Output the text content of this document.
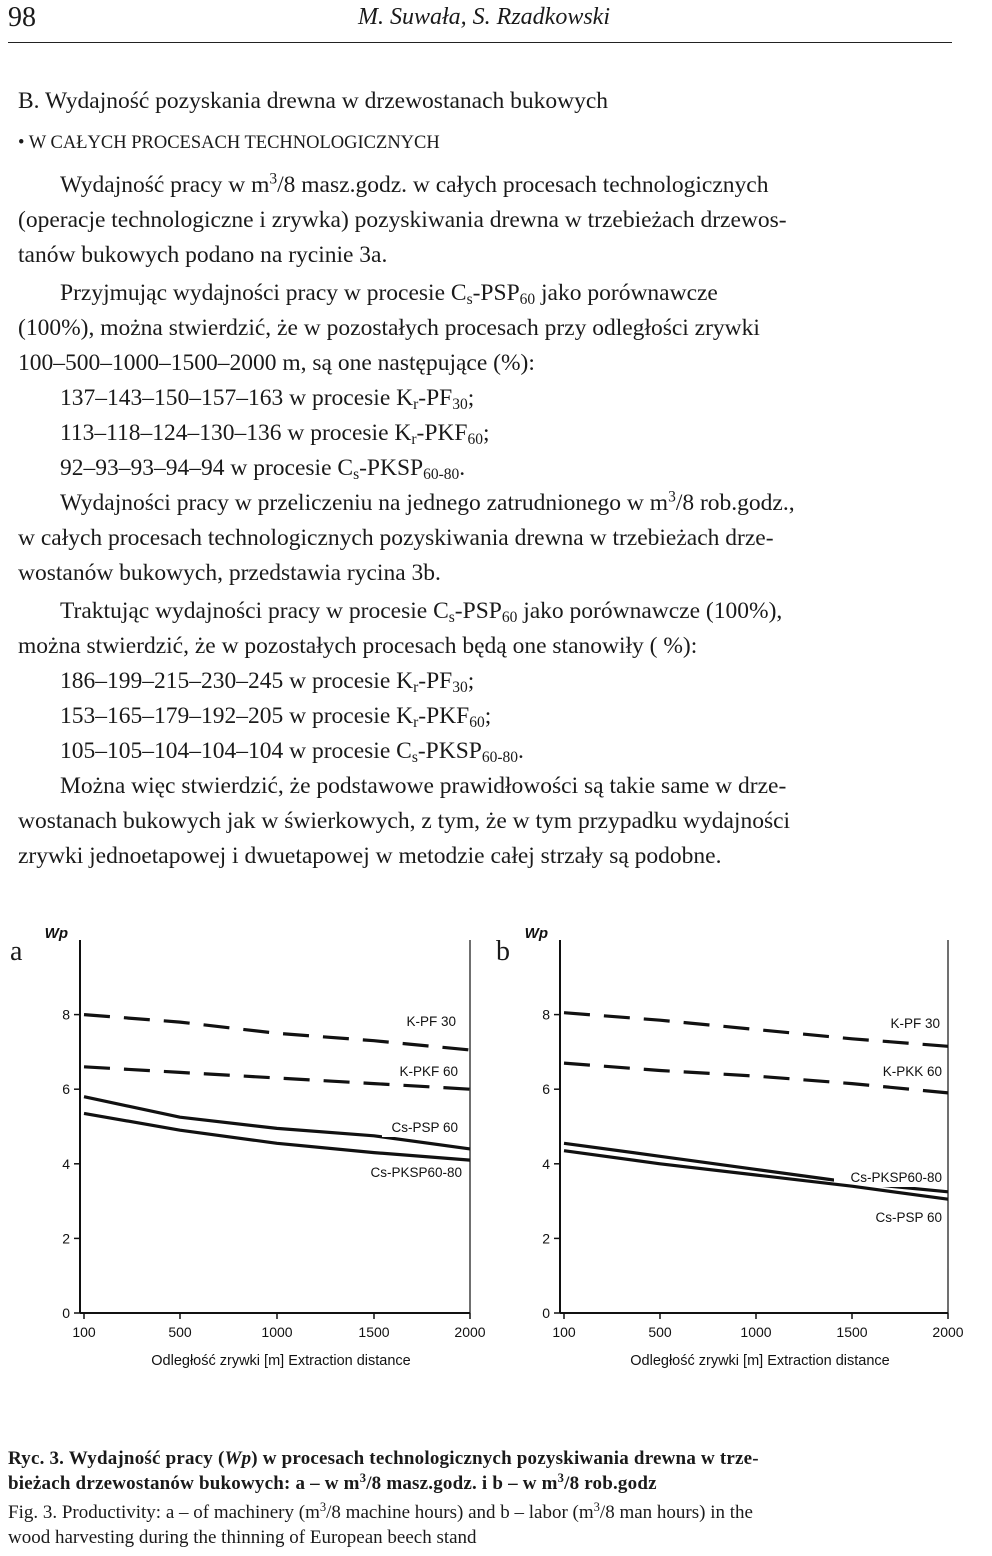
98	M. Suwała, S. Rzadkowski
B. Wydajność pozyskania drewna w drzewostanach bukowych
• W CAŁYCH PROCESACH TECHNOLOGICZNYCH
Wydajność pracy w $m^3/8$ masz.godz. w całych procesach technologicznych
(operacje technologiczne i zrywka) pozyskiwania drewna w trzebieżach drzewos-
tanów bukowych podano na rycinie 3a.
Przyjmując wydajności pracy w procesie $C_s-PSP_{60}$ jako porównawcze
(100%), można stwierdzić, że w pozostałych procesach przy odległości zrywki
100–500–1000–1500–2000 m, są one następujące (%):
137–143–150–157–163 w procesie $K_r-PF_{30}$;
113–118–124–130–136 w procesie $K_r-PKF_{60}$;
92–93–93–94–94 w procesie $C_s-PKSP_{60-80}$.
Wydajności pracy w przeliczeniu na jednego zatrudnionego w $m^3/8$ rob.godz.,
w całych procesach technologicznych pozyskiwania drewna w trzebieżach drze-
wostanów bukowych, przedstawia rycina 3b.
Traktując wydajności pracy w procesie $C_s-PSP_{60}$ jako porównawcze (100%),
można stwierdzić, że w pozostałych procesach będą one stanowiły ( %):
186–199–215–230–245 w procesie $K_r-PF_{30}$;
153–165–179–192–205 w procesie $K_r-PKF_{60}$;
105–105–104–104–104 w procesie $C_s-PKSP_{60-80}$.
Można więc stwierdzić, że podstawowe prawidłowości są takie same w drze-
wostanach bukowych jak w świerkowych, z tym, że w tym przypadku wydajności
zrywki jednoetapowej i dwuetapowej w metodzie całej strzały są podobne.
a	b
0
2
4
6
8
Wp
100	500	1000	1500	2000
Odległość zrywki [m] Extraction distance
K-PF 30
K-PKF 60
Cs-PSP 60
Cs-PKSP60-80
0
2
4
6
8
Wp
100	500	1000	1500	2000
Odległość zrywki [m] Extraction distance
K-PF 30
K-PKK 60
Cs-PKSP60-80
Cs-PSP 60
Ryc. 3. Wydajność pracy (Wp) w procesach technologicznych pozyskiwania drewna w trze-
bieżach drzewostanów bukowych: a – w $m^3/8$ masz.godz. i b – w $m^3/8$ rob.godz
Fig. 3. Productivity: a – of machinery ($m^3/8$ machine hours) and b – labor ($m^3/8$ man hours) in the
wood harvesting during the thinning of European beech stand
